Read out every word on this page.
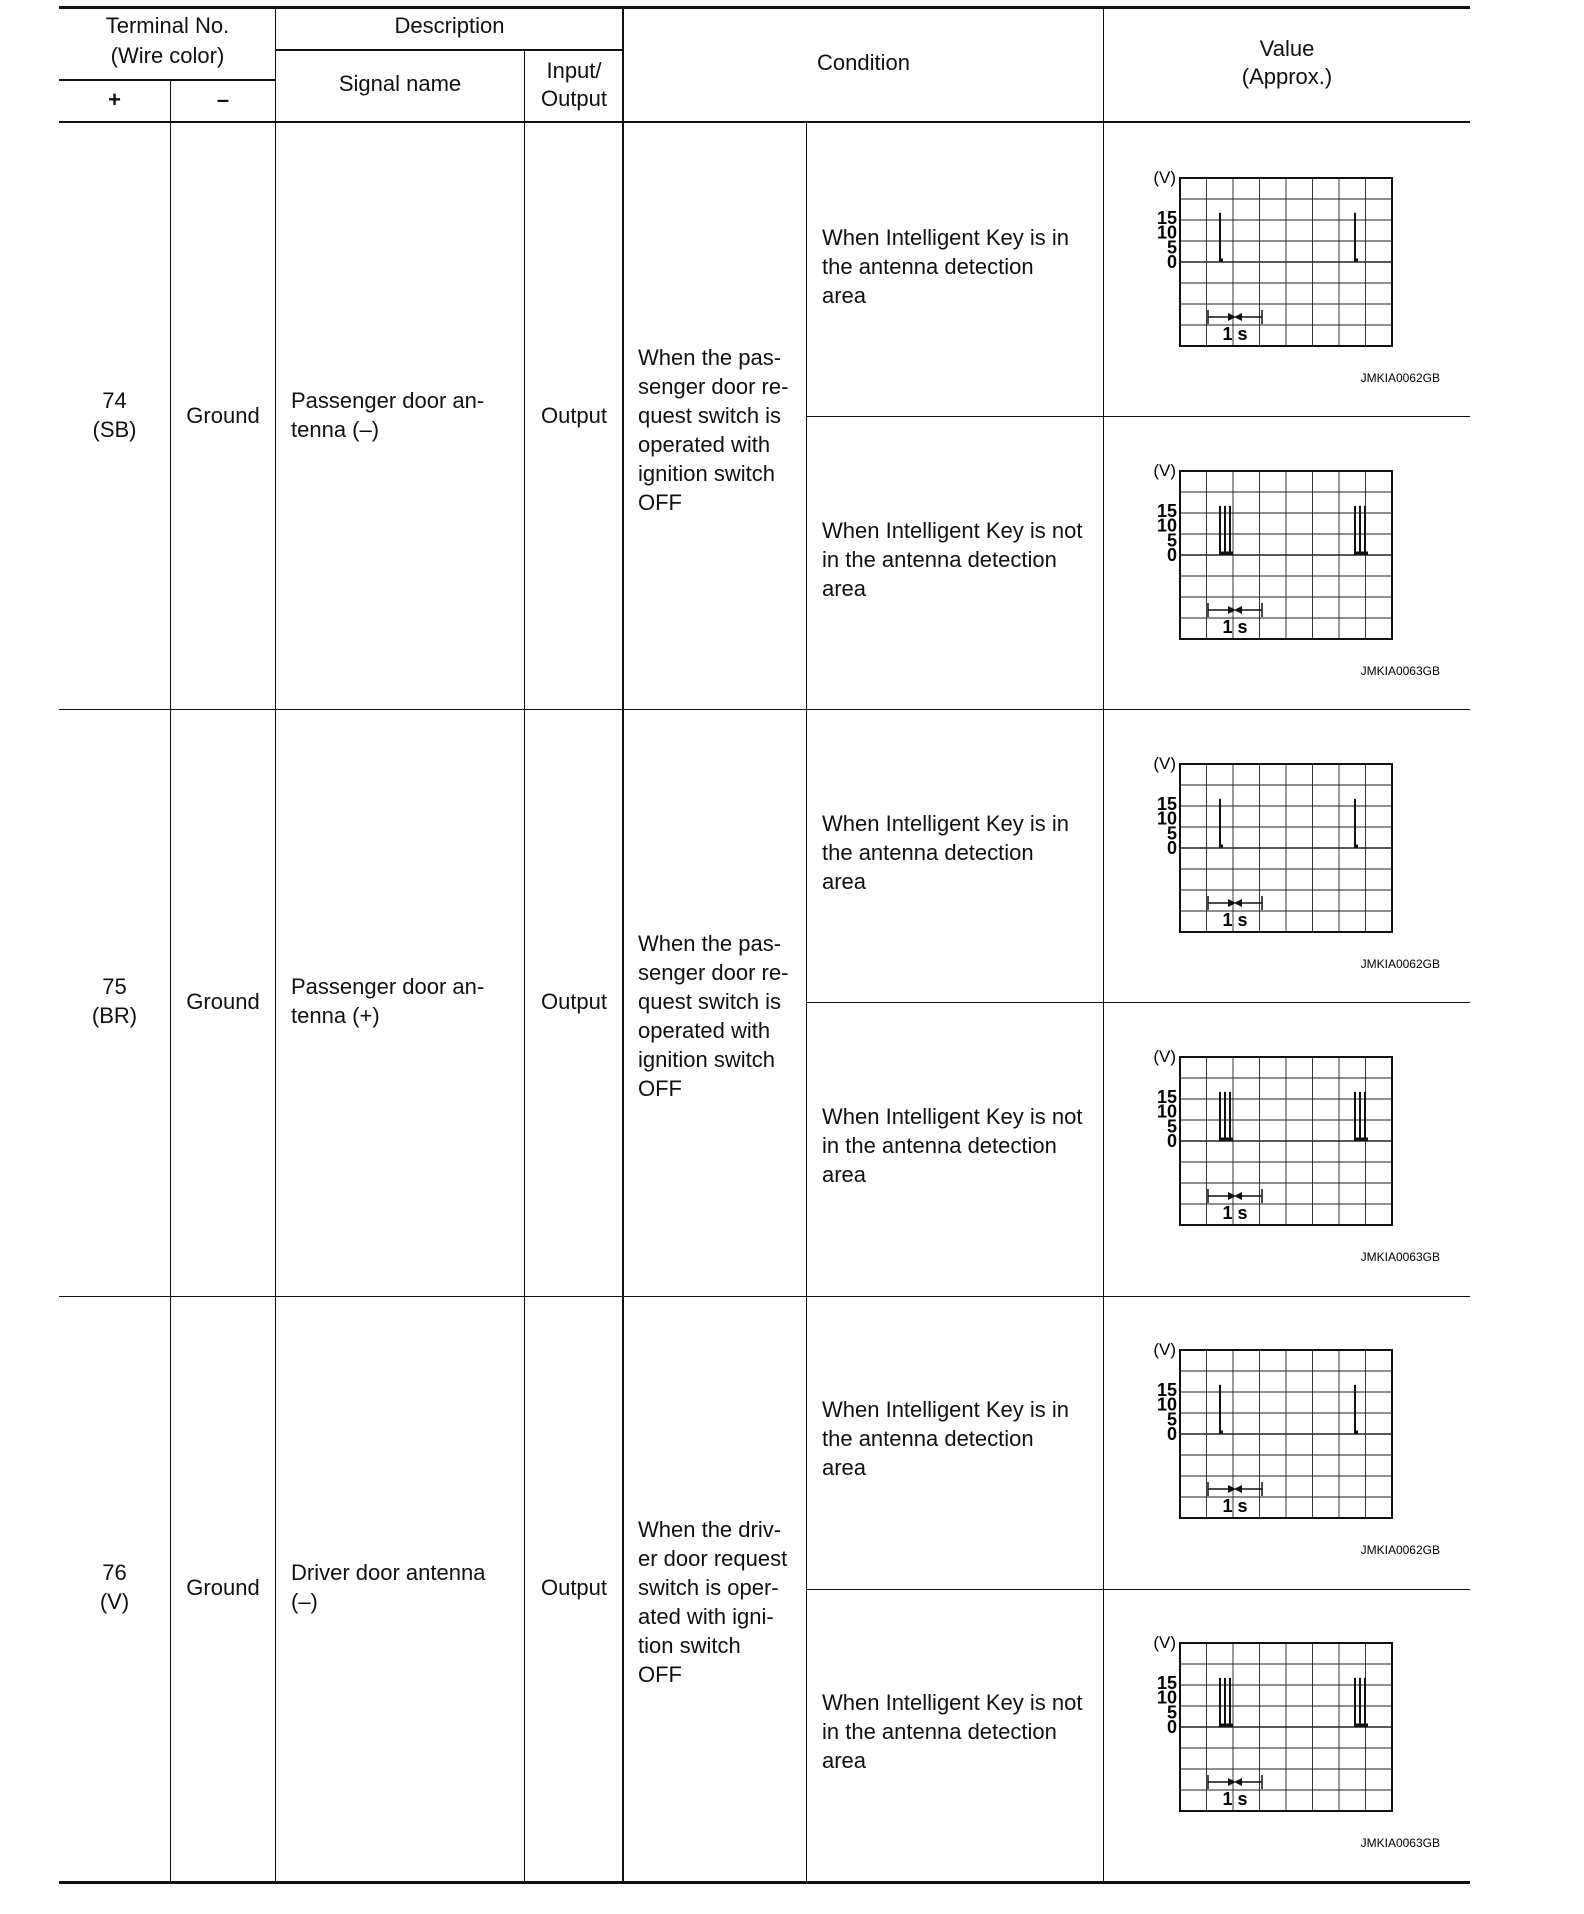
Terminal No.
(Wire color)
+	–
Description
Signal name
Input/
Output
Condition
Value
(Approx.)
74
(SB)
Ground
Passenger door an-
tenna (–)
Output
When the pas-
senger door re-
quest switch is
operated with
ignition switch
OFF
When Intelligent Key is in
the antenna detection
area
When Intelligent Key is not
in the antenna detection
area
(V)
15
10
5
0
1 s
JMKIA0062GB
(V)
15
10
5
0
1 s
JMKIA0063GB
75
(BR)
Ground
Passenger door an-
tenna (+)
Output
When the pas-
senger door re-
quest switch is
operated with
ignition switch
OFF
When Intelligent Key is in
the antenna detection
area
When Intelligent Key is not
in the antenna detection
area
(V)
15
10
5
0
1 s
JMKIA0062GB
(V)
15
10
5
0
1 s
JMKIA0063GB
76
(V)
Ground
Driver door antenna
(–)
Output
When the driv-
er door request
switch is oper-
ated with igni-
tion switch
OFF
When Intelligent Key is in
the antenna detection
area
When Intelligent Key is not
in the antenna detection
area
(V)
15
10
5
0
1 s
JMKIA0062GB
(V)
15
10
5
0
1 s
JMKIA0063GB
